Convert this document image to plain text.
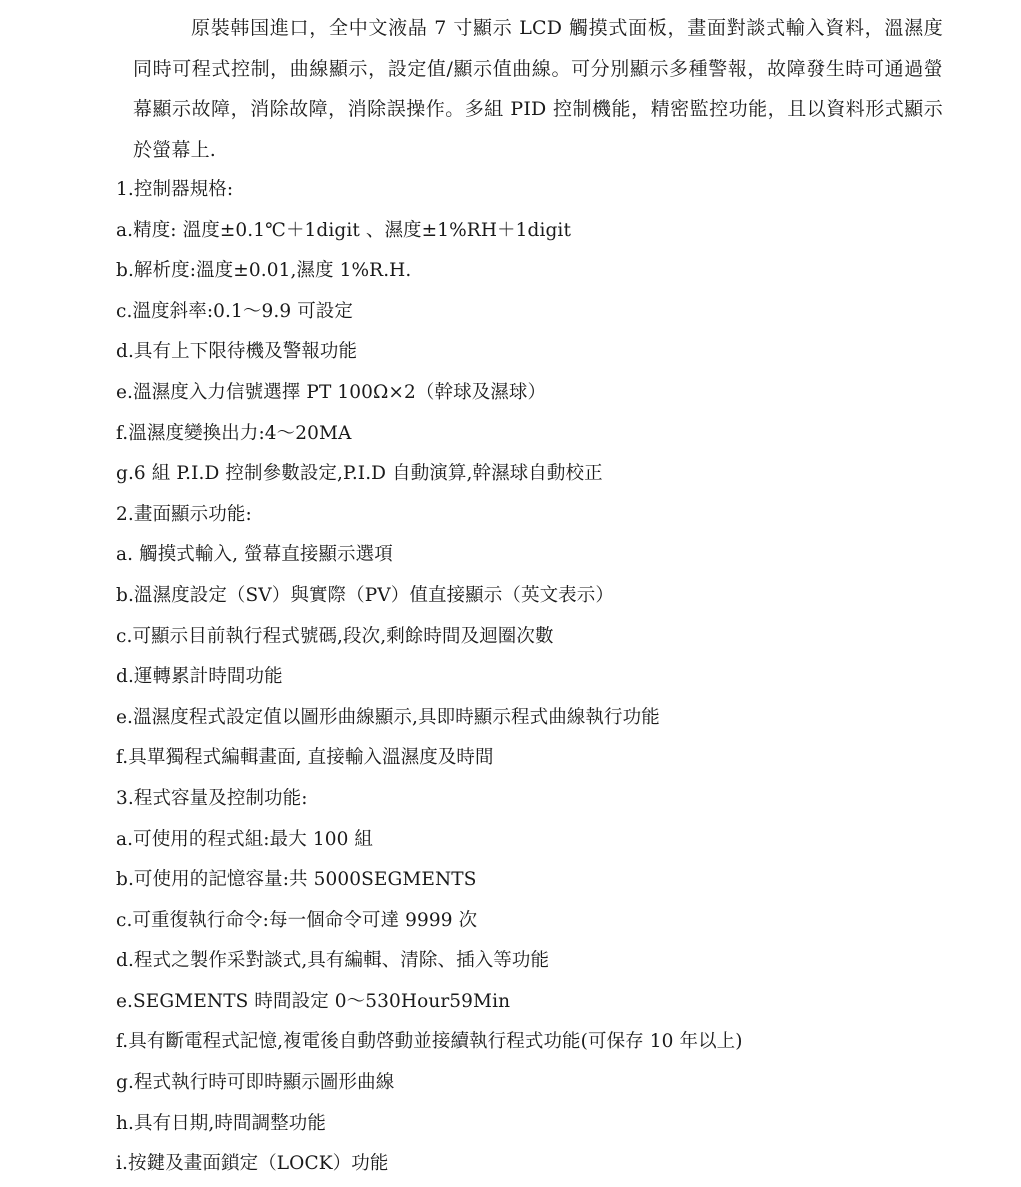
原裝韩国進口，全中文液晶 7 寸顯示 LCD 觸摸式面板，畫面對談式輸入資料，溫濕度同時可程式控制，曲線顯示，設定值/顯示值曲線。可分別顯示多種警報，故障發生時可通過螢幕顯示故障，消除故障，消除誤操作。多組 PID 控制機能，精密監控功能，且以資料形式顯示於螢幕上.

1.控制器規格:
a.精度: 溫度±0.1℃＋1digit 、濕度±1%RH＋1digit
b.解析度:溫度±0.01,濕度 1%R.H.
c.溫度斜率:0.1～9.9 可設定
d.具有上下限待機及警報功能
e.溫濕度入力信號選擇 PT 100Ω×2（幹球及濕球）
f.溫濕度變換出力:4～20MA
g.6 組 P.I.D 控制參數設定,P.I.D 自動演算,幹濕球自動校正
2.畫面顯示功能:
a. 觸摸式輸入, 螢幕直接顯示選項
b.溫濕度設定（SV）與實際（PV）值直接顯示（英文表示）
c.可顯示目前執行程式號碼,段次,剩餘時間及迴圈次數
d.運轉累計時間功能
e.溫濕度程式設定值以圖形曲線顯示,具即時顯示程式曲線執行功能
f.具單獨程式編輯畫面, 直接輸入溫濕度及時間
3.程式容量及控制功能:
a.可使用的程式組:最大 100 組
b.可使用的記憶容量:共 5000SEGMENTS
c.可重復執行命令:每一個命令可達 9999 次
d.程式之製作采對談式,具有編輯、清除、插入等功能
e.SEGMENTS 時間設定 0～530Hour59Min
f.具有斷電程式記憶,複電後自動啓動並接續執行程式功能(可保存 10 年以上)
g.程式執行時可即時顯示圖形曲線
h.具有日期,時間調整功能
i.按鍵及畫面鎖定（LOCK）功能
